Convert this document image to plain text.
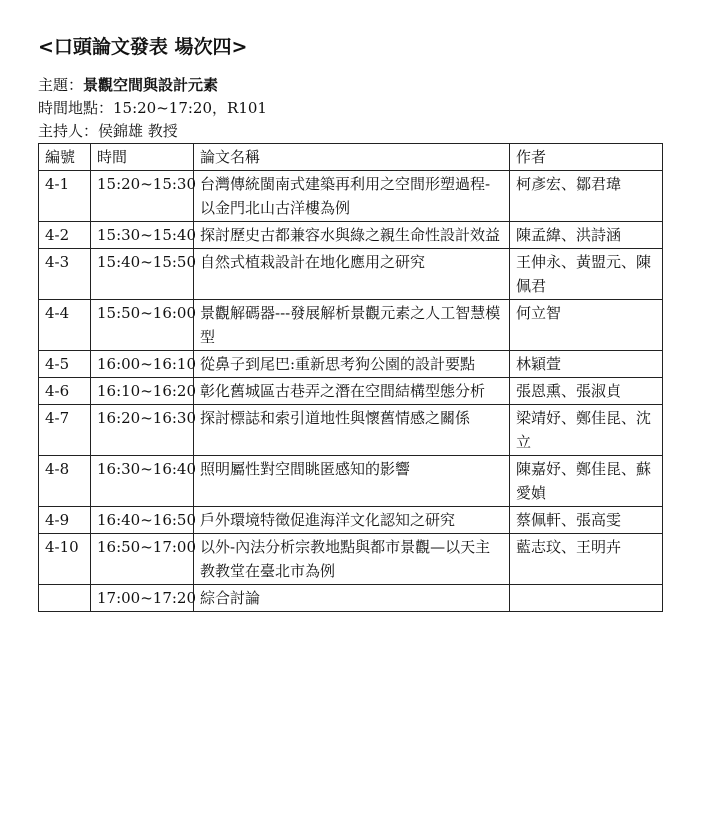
<口頭論文發表 場次四>
主題：景觀空間與設計元素
時間地點：15:20~17:20，R101
主持人：侯錦雄 教授
編號	時間	論文名稱	作者
4-1	15:20~15:30	台灣傳統閩南式建築再利用之空間形塑過程-以金門北山古洋樓為例	柯彥宏、鄒君瑋
4-2	15:30~15:40	探討歷史古都兼容水與綠之親生命性設計效益	陳孟緯、洪詩涵
4-3	15:40~15:50	自然式植栽設計在地化應用之研究	王伸永、黃盟元、陳佩君
4-4	15:50~16:00	景觀解碼器---發展解析景觀元素之人工智慧模型	何立智
4-5	16:00~16:10	從鼻子到尾巴:重新思考狗公園的設計要點	林穎萱
4-6	16:10~16:20	彰化舊城區古巷弄之潛在空間結構型態分析	張恩熏、張淑貞
4-7	16:20~16:30	探討標誌和索引道地性與懷舊情感之關係	梁靖妤、鄭佳昆、沈立
4-8	16:30~16:40	照明屬性對空間眺匿感知的影響	陳嘉妤、鄭佳昆、蘇愛媜
4-9	16:40~16:50	戶外環境特徵促進海洋文化認知之研究	蔡佩軒、張高雯
4-10	16:50~17:00	以外-內法分析宗教地點與都市景觀—以天主教教堂在臺北市為例	藍志玟、王明卉
	17:00~17:20	綜合討論	
